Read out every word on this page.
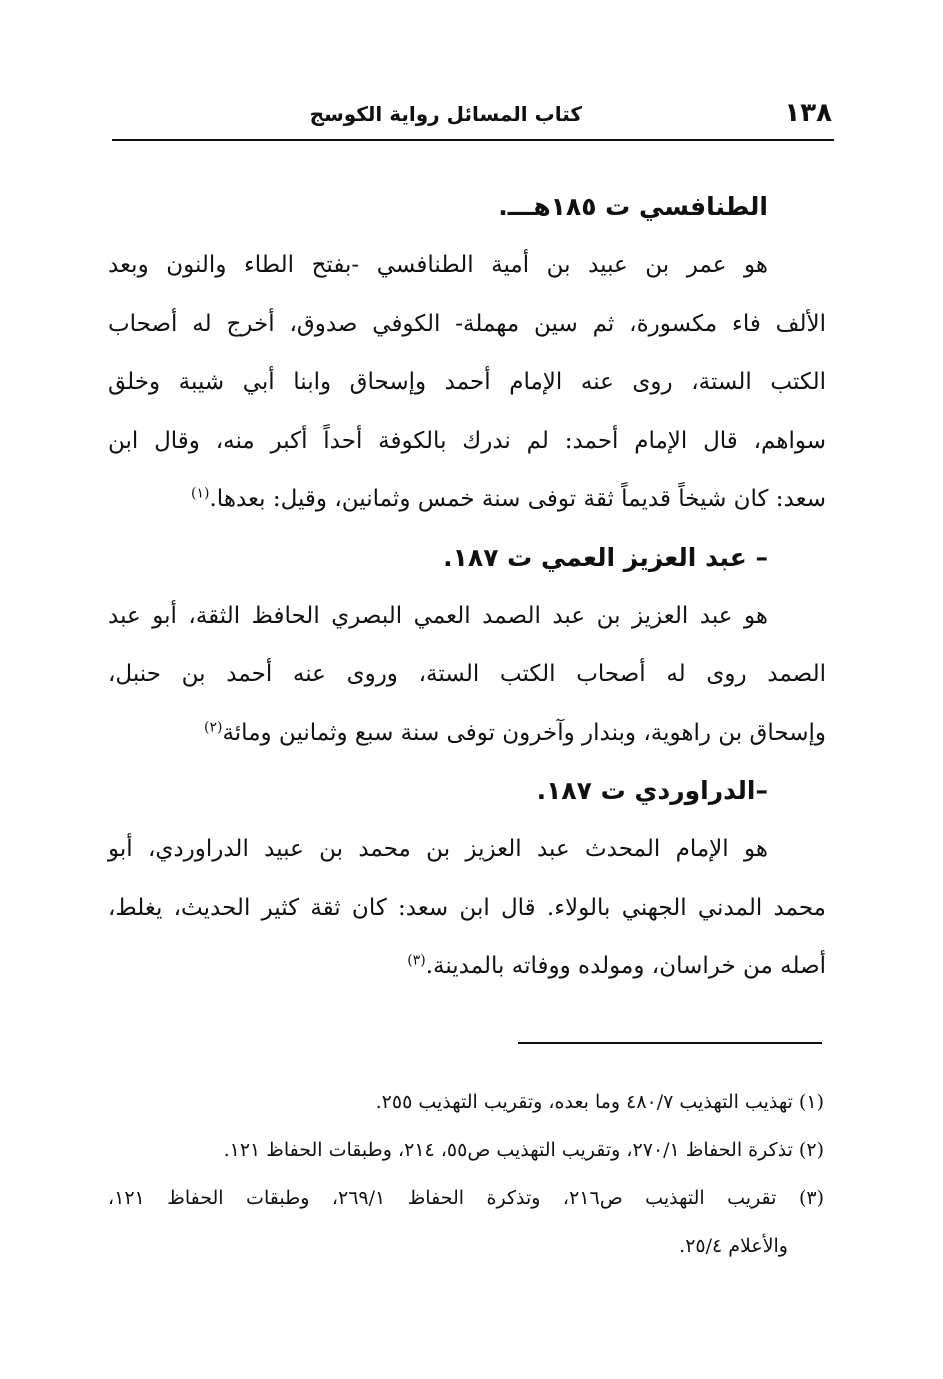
١٣٨
كتاب المسائل رواية الكوسج
الطنافسي ت ١٨٥هـــ.
هو عمر بن عبيد بن أمية الطنافسي -بفتح الطاء والنون وبعد
الألف فاء مكسورة، ثم سين مهملة- الكوفي صدوق، أخرج له أصحاب
الكتب الستة، روى عنه الإمام أحمد وإسحاق وابنا أبي شيبة وخلق
سواهم، قال الإمام أحمد: لم ندرك بالكوفة أحداً أكبر منه، وقال ابن
سعد: كان شيخاً قديماً ثقة توفى سنة خمس وثمانين، وقيل: بعدها.$^{(١)}$
– عبد العزيز العمي ت ١٨٧.
هو عبد العزيز بن عبد الصمد العمي البصري الحافظ الثقة، أبو عبد
الصمد روى له أصحاب الكتب الستة، وروى عنه أحمد بن حنبل،
وإسحاق بن راهوية، وبندار وآخرون توفى سنة سبع وثمانين ومائة$^{(٢)}$
–الدراوردي ت ١٨٧.
هو الإمام المحدث عبد العزيز بن محمد بن عبيد الدراوردي، أبو
محمد المدني الجهني بالولاء. قال ابن سعد: كان ثقة كثير الحديث، يغلط،
أصله من خراسان، ومولده ووفاته بالمدينة.$^{(٣)}$
(١) تهذيب التهذيب ٤٨٠/٧ وما بعده، وتقريب التهذيب ٢٥٥.
(٢) تذكرة الحفاظ ٢٧٠/١، وتقريب التهذيب ص٥٥، ٢١٤، وطبقات الحفاظ ١٢١.
(٣) تقريب التهذيب ص٢١٦، وتذكرة الحفاظ ٢٦٩/١، وطبقات الحفاظ ١٢١،
والأعلام ٢٥/٤.
